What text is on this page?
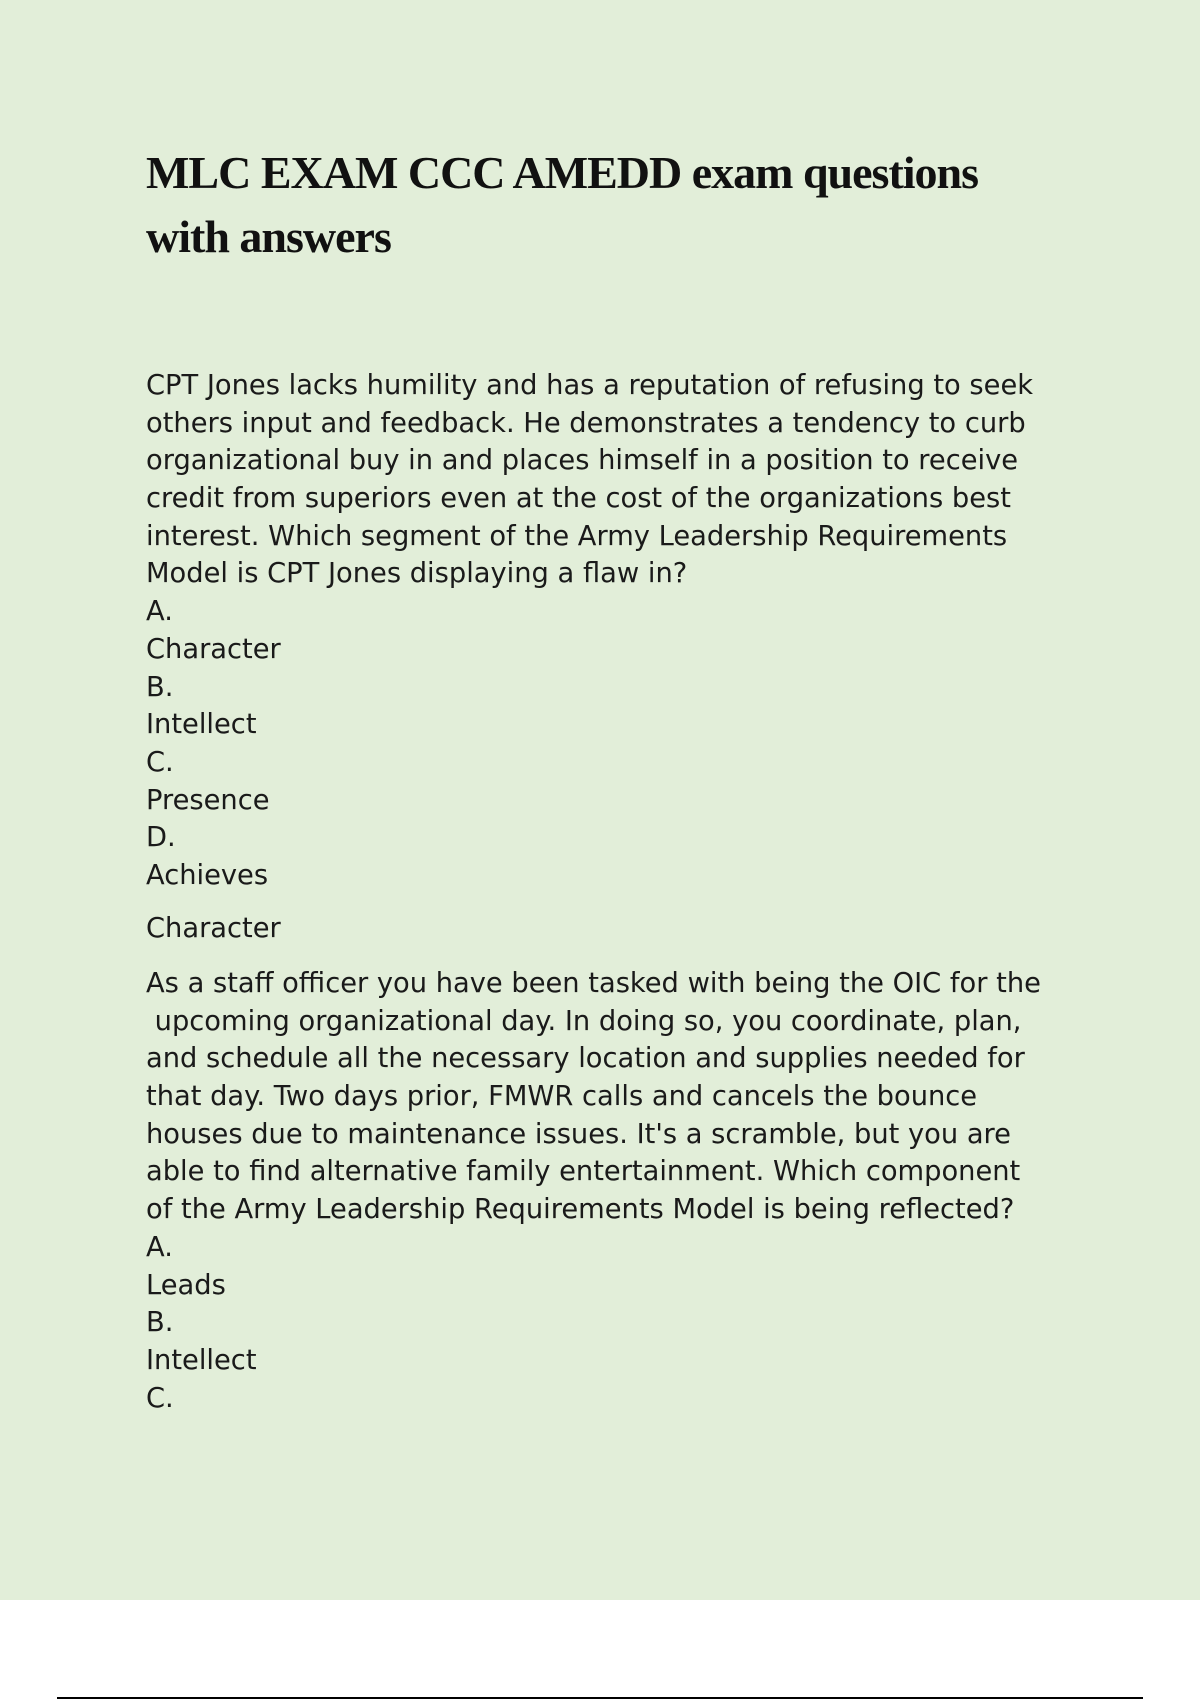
MLC EXAM CCC AMEDD exam questions
with answers
CPT Jones lacks humility and has a reputation of refusing to seek
others input and feedback. He demonstrates a tendency to curb
organizational buy in and places himself in a position to receive
credit from superiors even at the cost of the organizations best
interest. Which segment of the Army Leadership Requirements
Model is CPT Jones displaying a flaw in?
A.
Character
B.
Intellect
C.
Presence
D.
Achieves
Character
As a staff officer you have been tasked with being the OIC for the
upcoming organizational day. In doing so, you coordinate, plan,
and schedule all the necessary location and supplies needed for
that day. Two days prior, FMWR calls and cancels the bounce
houses due to maintenance issues. It's a scramble, but you are
able to find alternative family entertainment. Which component
of the Army Leadership Requirements Model is being reflected?
A.
Leads
B.
Intellect
C.
